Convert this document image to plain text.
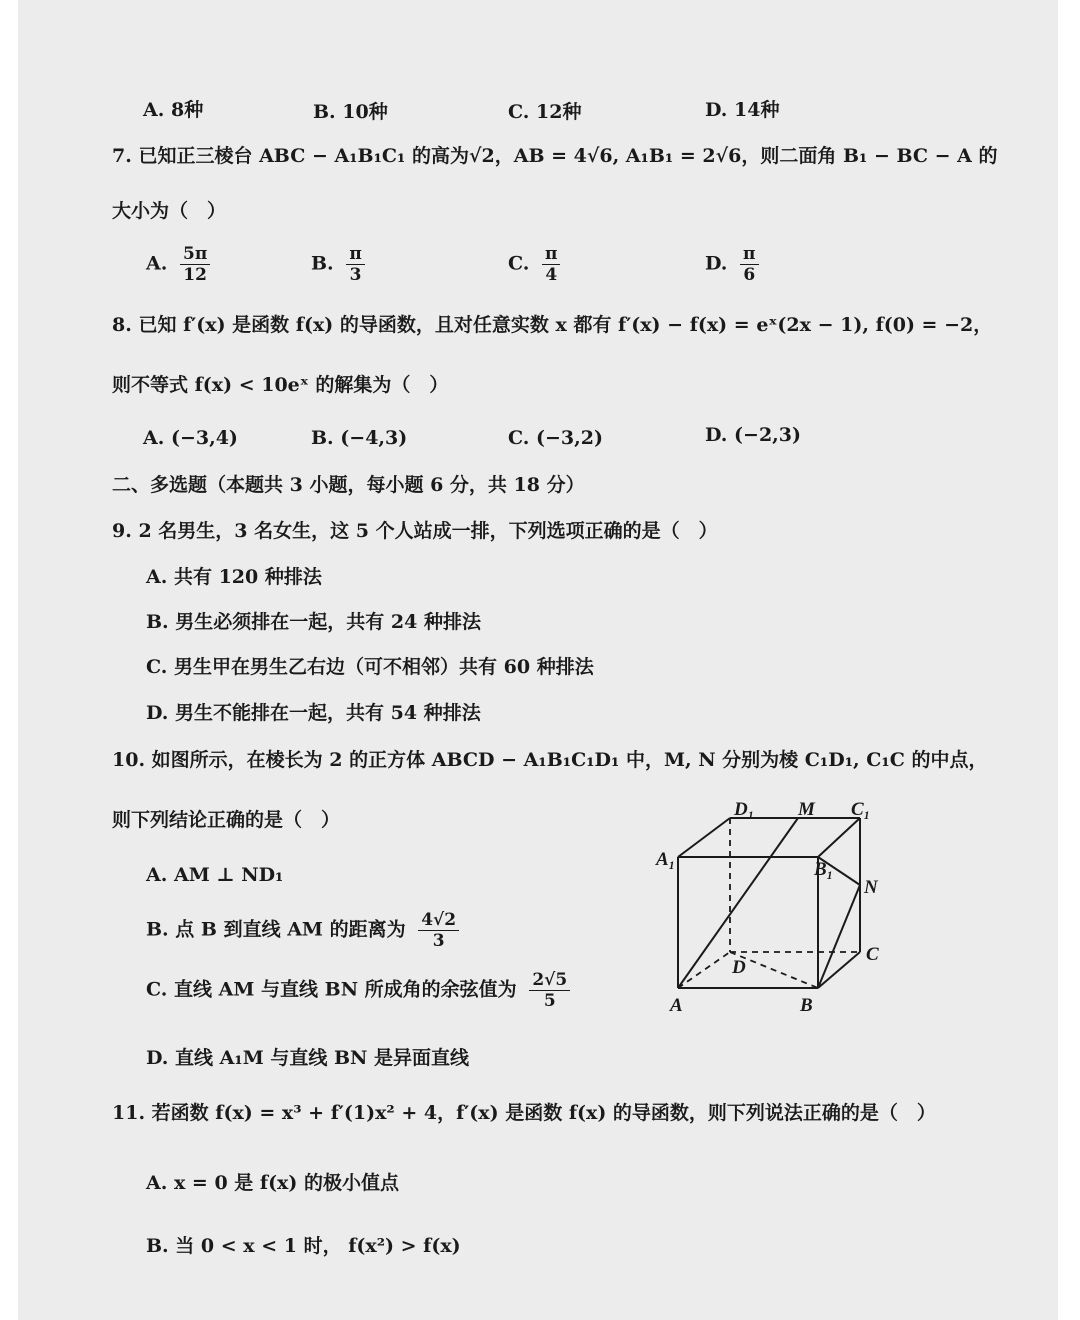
A. 8种	B. 10种	C. 12种	D. 14种
7. 已知正三棱台 ABC − A₁B₁C₁ 的高为√2，AB = 4√6, A₁B₁ = 2√6，则二面角 B₁ − BC − A 的
大小为（　）
A. $\frac{5\pi}{12}$	B. $\frac{\pi}{3}$	C. $\frac{\pi}{4}$	D. $\frac{\pi}{6}$
8. 已知 f′(x) 是函数 f(x) 的导函数，且对任意实数 x 都有 f′(x) − f(x) = eˣ(2x − 1), f(0) = −2，
则不等式 f(x) < 10eˣ 的解集为（　）
A. (−3,4)	B. (−4,3)	C. (−3,2)	D. (−2,3)
二、多选题（本题共 3 小题，每小题 6 分，共 18 分）
9. 2 名男生，3 名女生，这 5 个人站成一排，下列选项正确的是（　）
A. 共有 120 种排法
B. 男生必须排在一起，共有 24 种排法
C. 男生甲在男生乙右边（可不相邻）共有 60 种排法
D. 男生不能排在一起，共有 54 种排法
10. 如图所示，在棱长为 2 的正方体 ABCD − A₁B₁C₁D₁ 中，M, N 分别为棱 C₁D₁, C₁C 的中点，
则下列结论正确的是（　）
A. AM ⊥ ND₁
B. 点 B 到直线 AM 的距离为 $\frac{4√2}{3}$
C. 直线 AM 与直线 BN 所成角的余弦值为 $\frac{2√5}{5}$
D. 直线 A₁M 与直线 BN 是异面直线
D₁ M C₁
A₁	B₁
N
D
C
A	B
11. 若函数 f(x) = x³ + f′(1)x² + 4，f′(x) 是函数 f(x) 的导函数，则下列说法正确的是（　）
A. x = 0 是 f(x) 的极小值点
B. 当 0 < x < 1 时， f(x²) > f(x)
